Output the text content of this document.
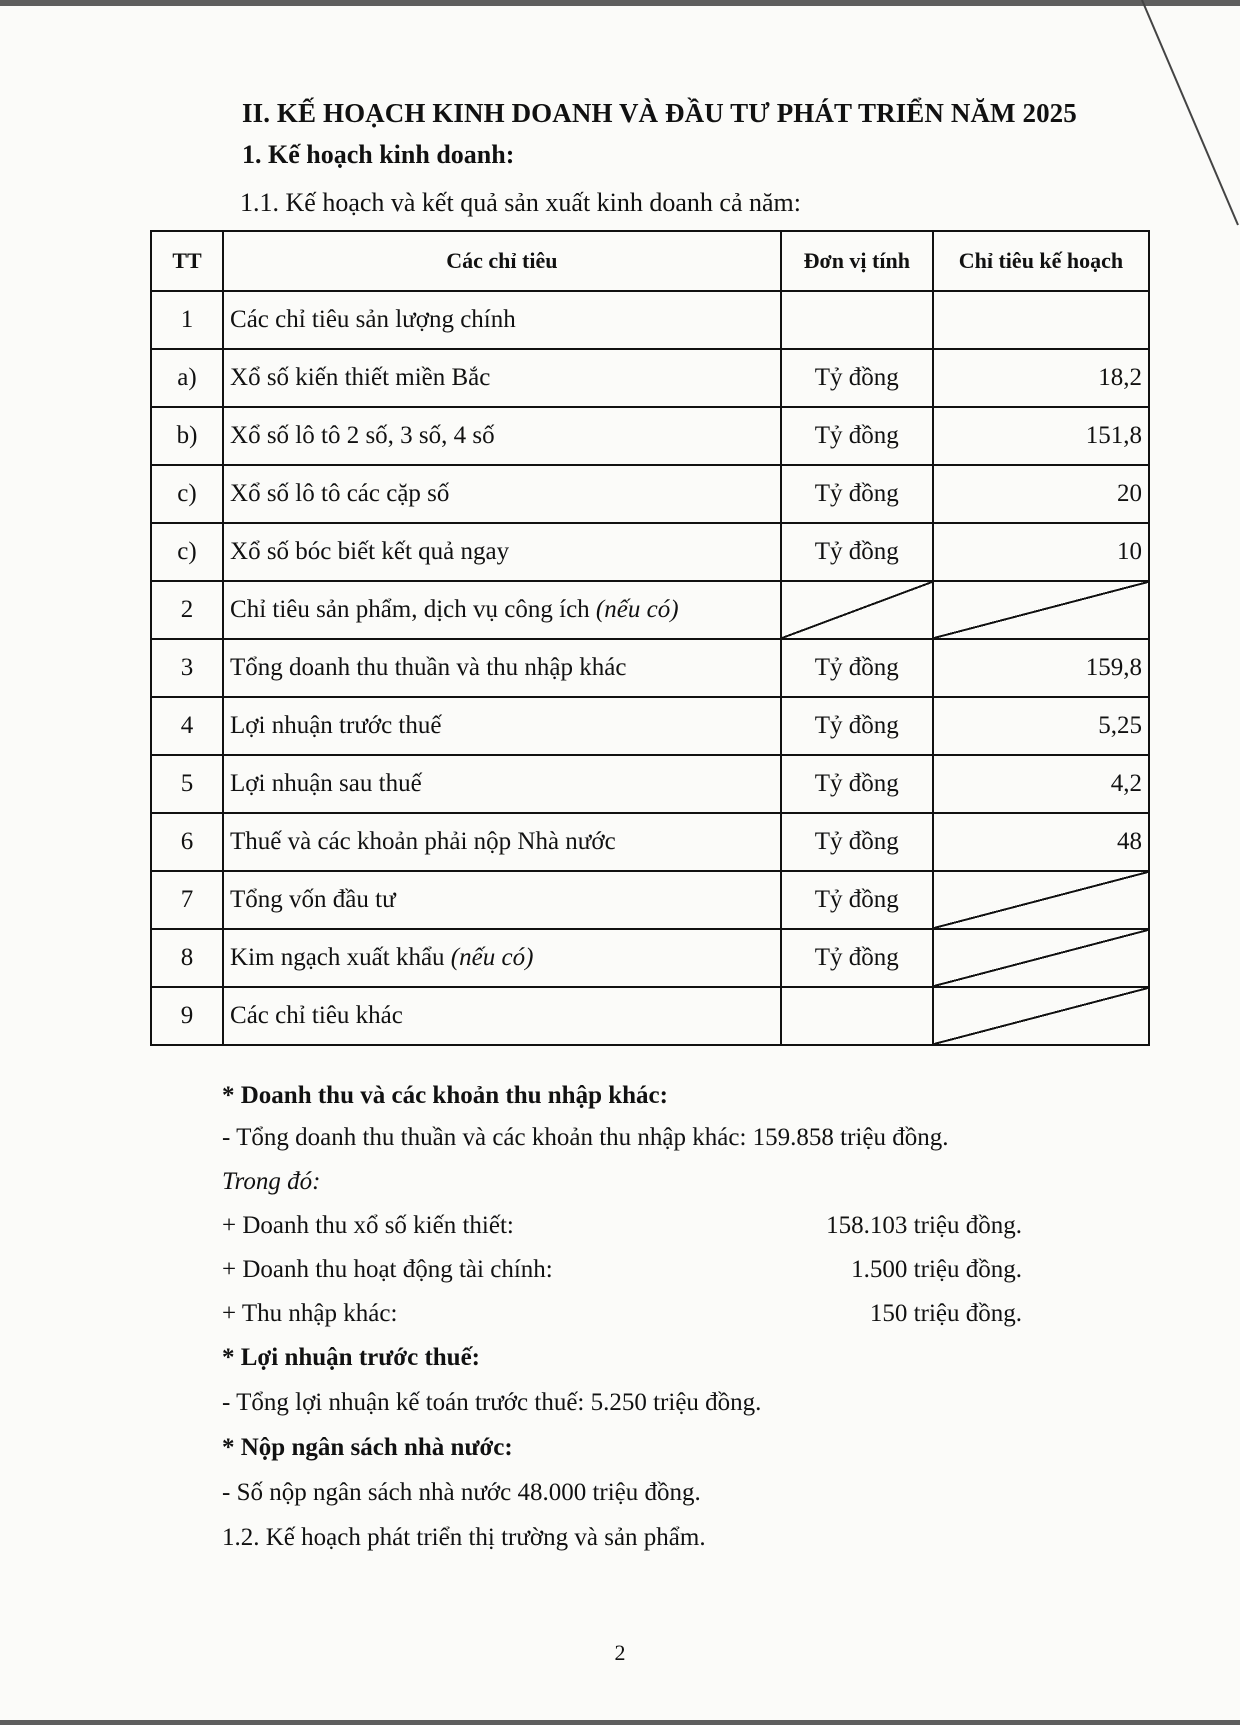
II. KẾ HOẠCH KINH DOANH VÀ ĐẦU TƯ PHÁT TRIỂN NĂM 2025
1. Kế hoạch kinh doanh:
1.1. Kế hoạch và kết quả sản xuất kinh doanh cả năm:
TT	Các chỉ tiêu	Đơn vị tính	Chỉ tiêu kế hoạch
1	Các chỉ tiêu sản lượng chính		
a)	Xổ số kiến thiết miền Bắc	Tỷ đồng	18,2
b)	Xổ số lô tô 2 số, 3 số, 4 số	Tỷ đồng	151,8
c)	Xổ số lô tô các cặp số	Tỷ đồng	20
c)	Xổ số bóc biết kết quả ngay	Tỷ đồng	10
2	Chỉ tiêu sản phẩm, dịch vụ công ích (nếu có)		
3	Tổng doanh thu thuần và thu nhập khác	Tỷ đồng	159,8
4	Lợi nhuận trước thuế	Tỷ đồng	5,25
5	Lợi nhuận sau thuế	Tỷ đồng	4,2
6	Thuế và các khoản phải nộp Nhà nước	Tỷ đồng	48
7	Tổng vốn đầu tư	Tỷ đồng	
8	Kim ngạch xuất khẩu (nếu có)	Tỷ đồng	
9	Các chỉ tiêu khác		
* Doanh thu và các khoản thu nhập khác:
- Tổng doanh thu thuần và các khoản thu nhập khác: 159.858 triệu đồng.
Trong đó:
+ Doanh thu xổ số kiến thiết:	158.103 triệu đồng.
+ Doanh thu hoạt động tài chính:	1.500 triệu đồng.
+ Thu nhập khác:	150 triệu đồng.
* Lợi nhuận trước thuế:
- Tổng lợi nhuận kế toán trước thuế: 5.250 triệu đồng.
* Nộp ngân sách nhà nước:
- Số nộp ngân sách nhà nước 48.000 triệu đồng.
1.2. Kế hoạch phát triển thị trường và sản phẩm.
2
